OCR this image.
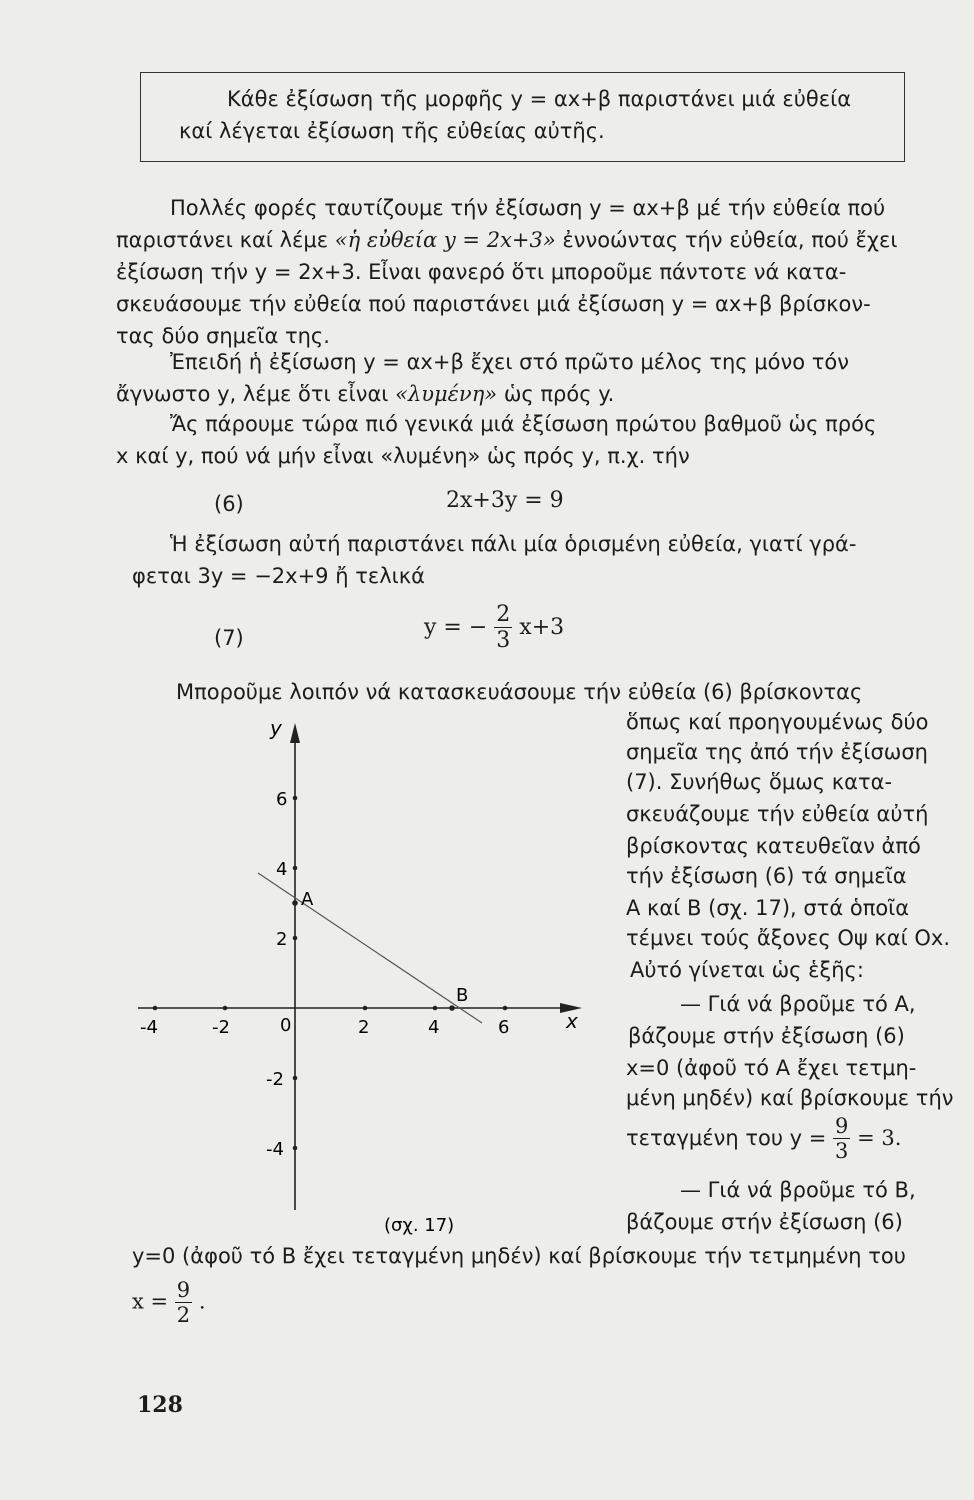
Κάθε ἐξίσωση τῆς μορφῆς y = αx+β παριστάνει μιά εὐθεία
καί λέγεται ἐξίσωση τῆς εὐθείας αὐτῆς.
Πολλές φορές ταυτίζουμε τήν ἐξίσωση y = αx+β μέ τήν εὐθεία πού
παριστάνει καί λέμε «ἡ εὐθεία y = 2x+3» ἐννοώντας τήν εὐθεία, πού ἔχει
ἐξίσωση τήν y = 2x+3. Εἶναι φανερό ὅτι μποροῦμε πάντοτε νά κατα-
σκευάσουμε τήν εὐθεία πού παριστάνει μιά ἐξίσωση y = αx+β βρίσκον-
τας δύο σημεῖα της.
Ἐπειδή ἡ ἐξίσωση y = αx+β ἔχει στό πρῶτο μέλος της μόνο τόν
ἄγνωστο y, λέμε ὅτι εἶναι «λυμένη» ὡς πρός y.
Ἄς πάρουμε τώρα πιό γενικά μιά ἐξίσωση πρώτου βαθμοῦ ὡς πρός
x καί y, πού νά μήν εἶναι «λυμένη» ὡς πρός y, π.χ. τήν
(6)	2x+3y = 9
Ἡ ἐξίσωση αὐτή παριστάνει πάλι μία ὁρισμένη εὐθεία, γιατί γρά-
φεται 3y = −2x+9 ἤ τελικά
(7)	y = − $\frac{2}{3} x+3$
Μποροῦμε λοιπόν νά κατασκευάσουμε τήν εὐθεία (6) βρίσκοντας
ὅπως καί προηγουμένως δύο
σημεῖα της ἀπό τήν ἐξίσωση
(7). Συνήθως ὅμως κατα-
σκευάζουμε τήν εὐθεία αὐτή
βρίσκοντας κατευθεῖαν ἀπό
τήν ἐξίσωση (6) τά σημεῖα
Α καί Β (σχ. 17), στά ὁποῖα
τέμνει τούς ἄξονες Οψ καί Οx.
Αὐτό γίνεται ὡς ἑξῆς:
— Γιά νά βροῦμε τό Α,
βάζουμε στήν ἐξίσωση (6)
x=0 (ἀφοῦ τό Α ἔχει τετμη-
μένη μηδέν) καί βρίσκουμε τήν
τεταγμένη του $y = \frac{9}{3} = 3$.
— Γιά νά βροῦμε τό Β,
βάζουμε στήν ἐξίσωση (6)
y=0 (ἀφοῦ τό Β ἔχει τεταγμένη μηδέν) καί βρίσκουμε τήν τετμημένη του
$x = \frac{9}{2}$ .
A
B
y
x
0
-4	-2	2	4	6
6
4
2
-2
-4
(σχ. 17)
128
